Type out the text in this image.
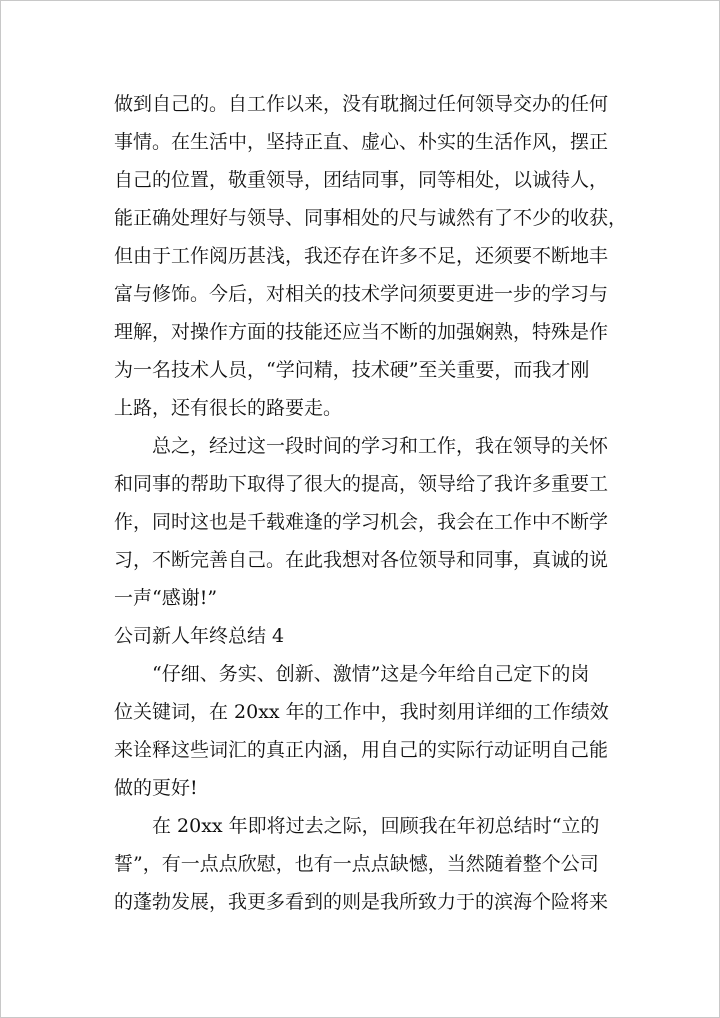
做到自己的。自工作以来，没有耽搁过任何领导交办的任何
事情。在生活中，坚持正直、虚心、朴实的生活作风，摆正
自己的位置，敬重领导，团结同事，同等相处，以诚待人，
能正确处理好与领导、同事相处的尺与诚然有了不少的收获，
但由于工作阅历甚浅，我还存在许多不足，还须要不断地丰
富与修饰。今后，对相关的技术学问须要更进一步的学习与
理解，对操作方面的技能还应当不断的加强娴熟，特殊是作
为一名技术人员，“学问精，技术硬”至关重要，而我才刚
上路，还有很长的路要走。
　　总之，经过这一段时间的学习和工作，我在领导的关怀
和同事的帮助下取得了很大的提高，领导给了我许多重要工
作，同时这也是千载难逢的学习机会，我会在工作中不断学
习，不断完善自己。在此我想对各位领导和同事，真诚的说
一声“感谢!”
公司新人年终总结 4
　　“仔细、务实、创新、激情”这是今年给自己定下的岗
位关键词，在 20xx 年的工作中，我时刻用详细的工作绩效
来诠释这些词汇的真正内涵，用自己的实际行动证明自己能
做的更好!
　　在 20xx 年即将过去之际，回顾我在年初总结时“立的
誓”，有一点点欣慰，也有一点点缺憾，当然随着整个公司
的蓬勃发展，我更多看到的则是我所致力于的滨海个险将来
